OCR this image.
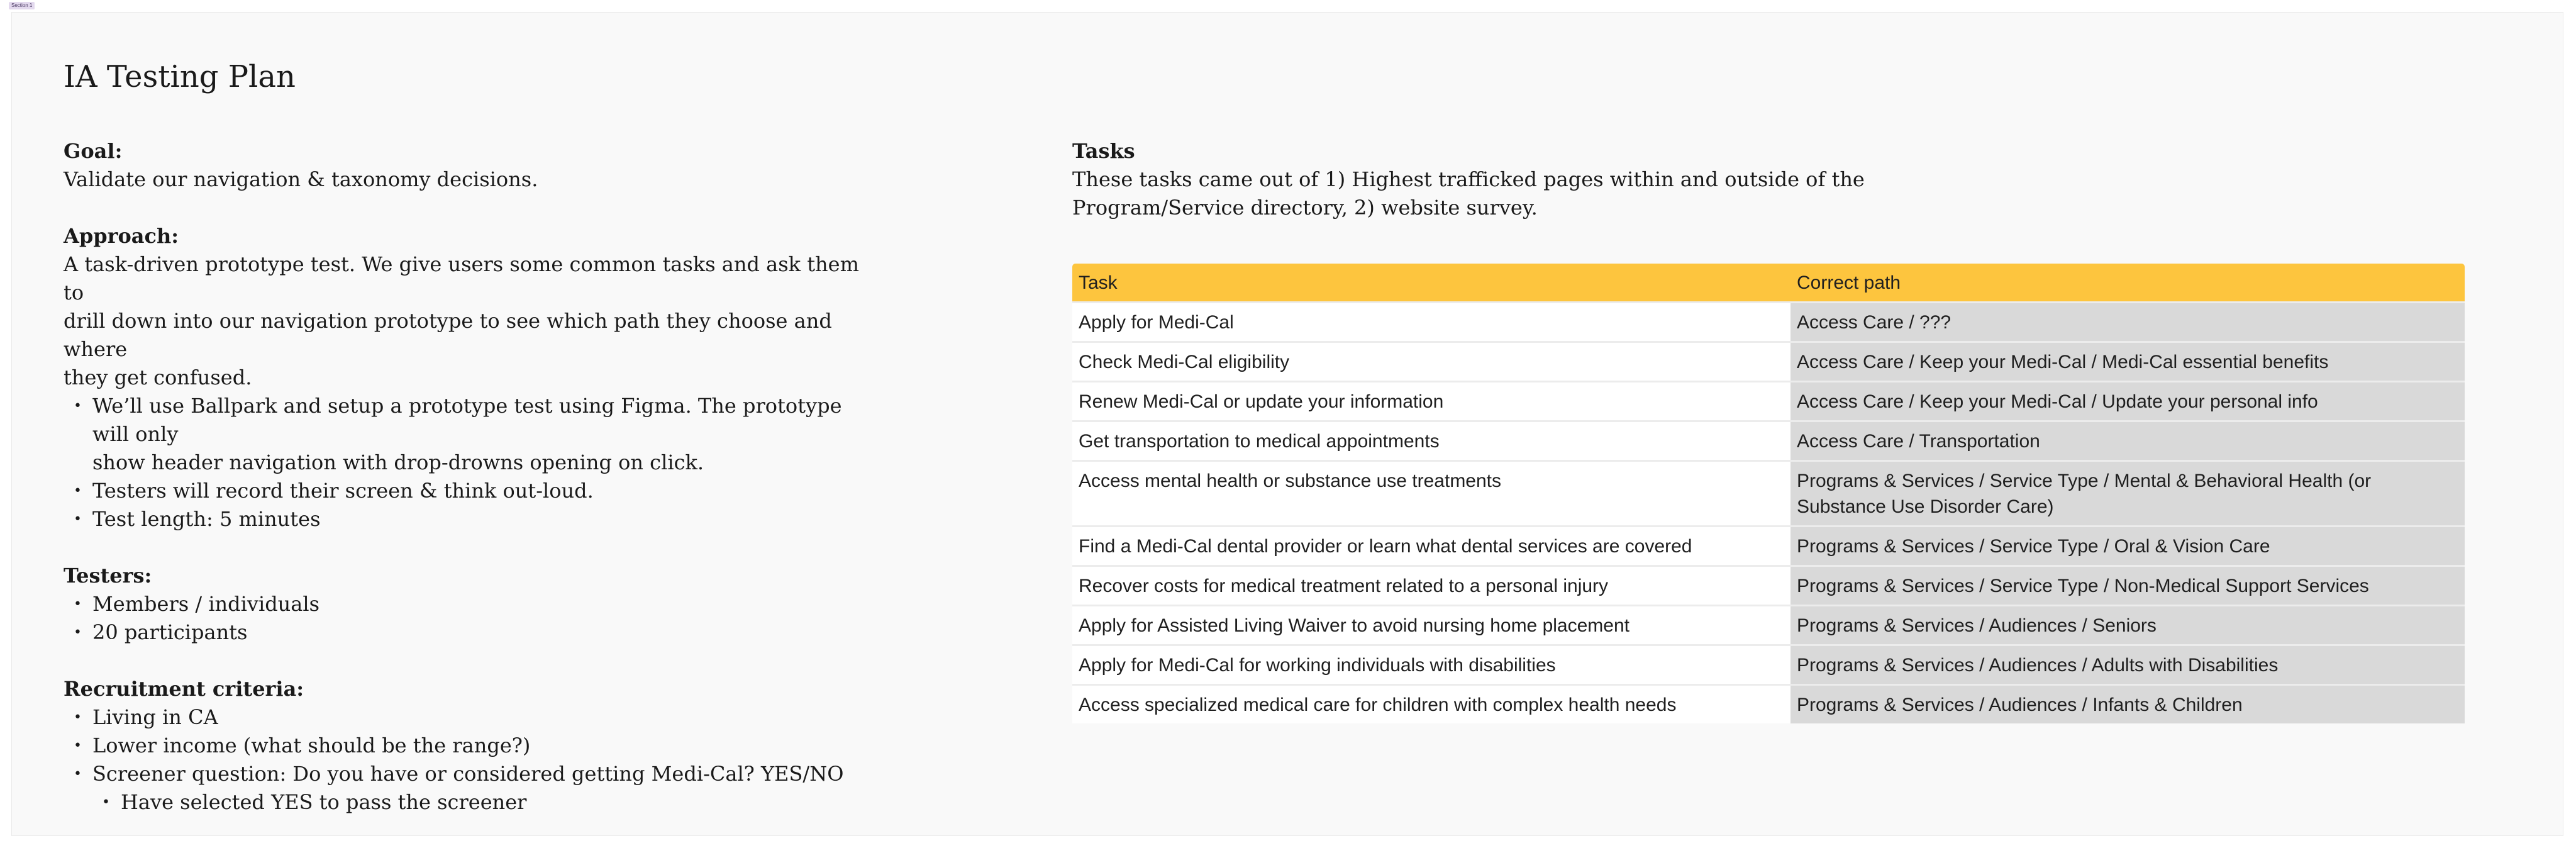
Section 1
IA Testing Plan
Goal:
Validate our navigation & taxonomy decisions.
Approach:
A task-driven prototype test. We give users some common tasks and ask them to
drill down into our navigation prototype to see which path they choose and where
they get confused.
• We’ll use Ballpark and setup a prototype test using Figma. The prototype will only
show header navigation with drop-drowns opening on click.
• Testers will record their screen & think out-loud.
• Test length: 5 minutes
Testers:
• Members / individuals
• 20 participants
Recruitment criteria:
• Living in CA
• Lower income (what should be the range?)
• Screener question: Do you have or considered getting Medi-Cal? YES/NO
• Have selected YES to pass the screener
Tasks
These tasks came out of 1) Highest trafficked pages within and outside of the
Program/Service directory, 2) website survey.
Task	Correct path
Apply for Medi-Cal	Access Care / ???
Check Medi-Cal eligibility	Access Care / Keep your Medi-Cal / Medi-Cal essential benefits
Renew Medi-Cal or update your information	Access Care / Keep your Medi-Cal / Update your personal info
Get transportation to medical appointments	Access Care / Transportation
Access mental health or substance use treatments	Programs & Services / Service Type / Mental & Behavioral Health (or
Substance Use Disorder Care)

Find a Medi-Cal dental provider or learn what dental services are covered	Programs & Services / Service Type / Oral & Vision Care
Recover costs for medical treatment related to a personal injury	Programs & Services / Service Type / Non-Medical Support Services
Apply for Assisted Living Waiver to avoid nursing home placement	Programs & Services / Audiences / Seniors
Apply for Medi-Cal for working individuals with disabilities	Programs & Services / Audiences / Adults with Disabilities
Access specialized medical care for children with complex health needs	Programs & Services / Audiences / Infants & Children
